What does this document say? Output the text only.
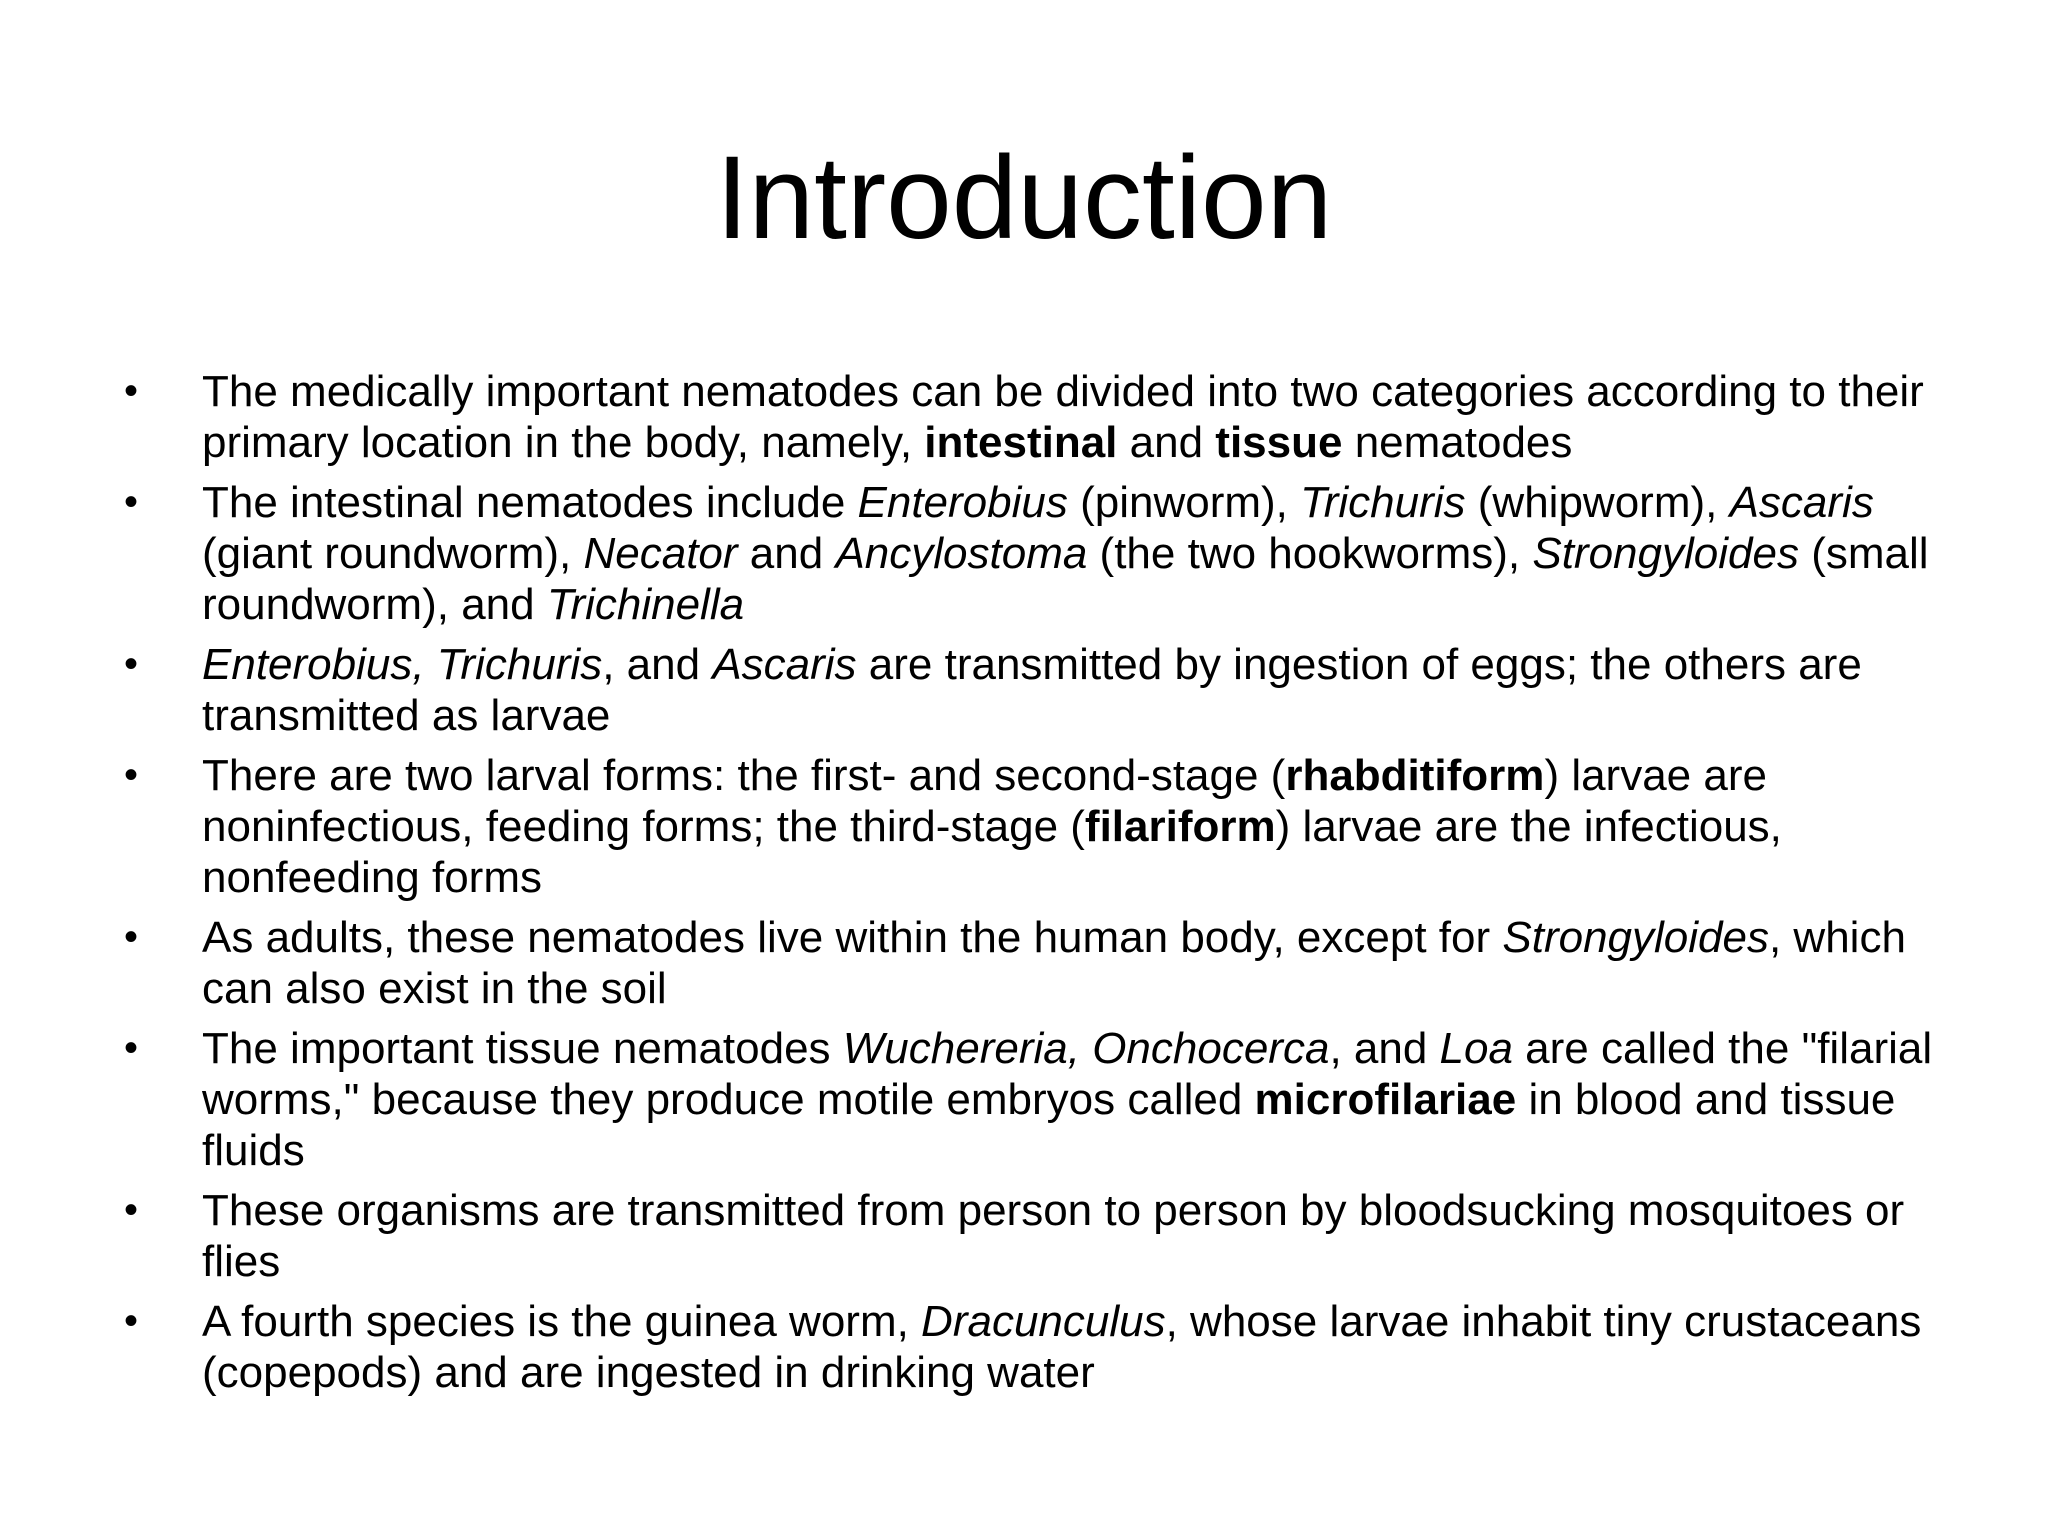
Introduction
•	The medically important nematodes can be divided into two categories according to their primary location in the body, namely, intestinal and tissue nematodes
•	The intestinal nematodes include Enterobius (pinworm), Trichuris (whipworm), Ascaris (giant roundworm), Necator and Ancylostoma (the two hookworms), Strongyloides (small roundworm), and Trichinella
•	Enterobius, Trichuris, and Ascaris are transmitted by ingestion of eggs; the others are transmitted as larvae
•	There are two larval forms: the first- and second-stage (rhabditiform) larvae are noninfectious, feeding forms; the third-stage (filariform) larvae are the infectious, nonfeeding forms
•	As adults, these nematodes live within the human body, except for Strongyloides, which can also exist in the soil
•	The important tissue nematodes Wuchereria, Onchocerca, and Loa are called the "filarial worms," because they produce motile embryos called microfilariae in blood and tissue fluids
•	These organisms are transmitted from person to person by bloodsucking mosquitoes or flies
•	A fourth species is the guinea worm, Dracunculus, whose larvae inhabit tiny crustaceans (copepods) and are ingested in drinking water
